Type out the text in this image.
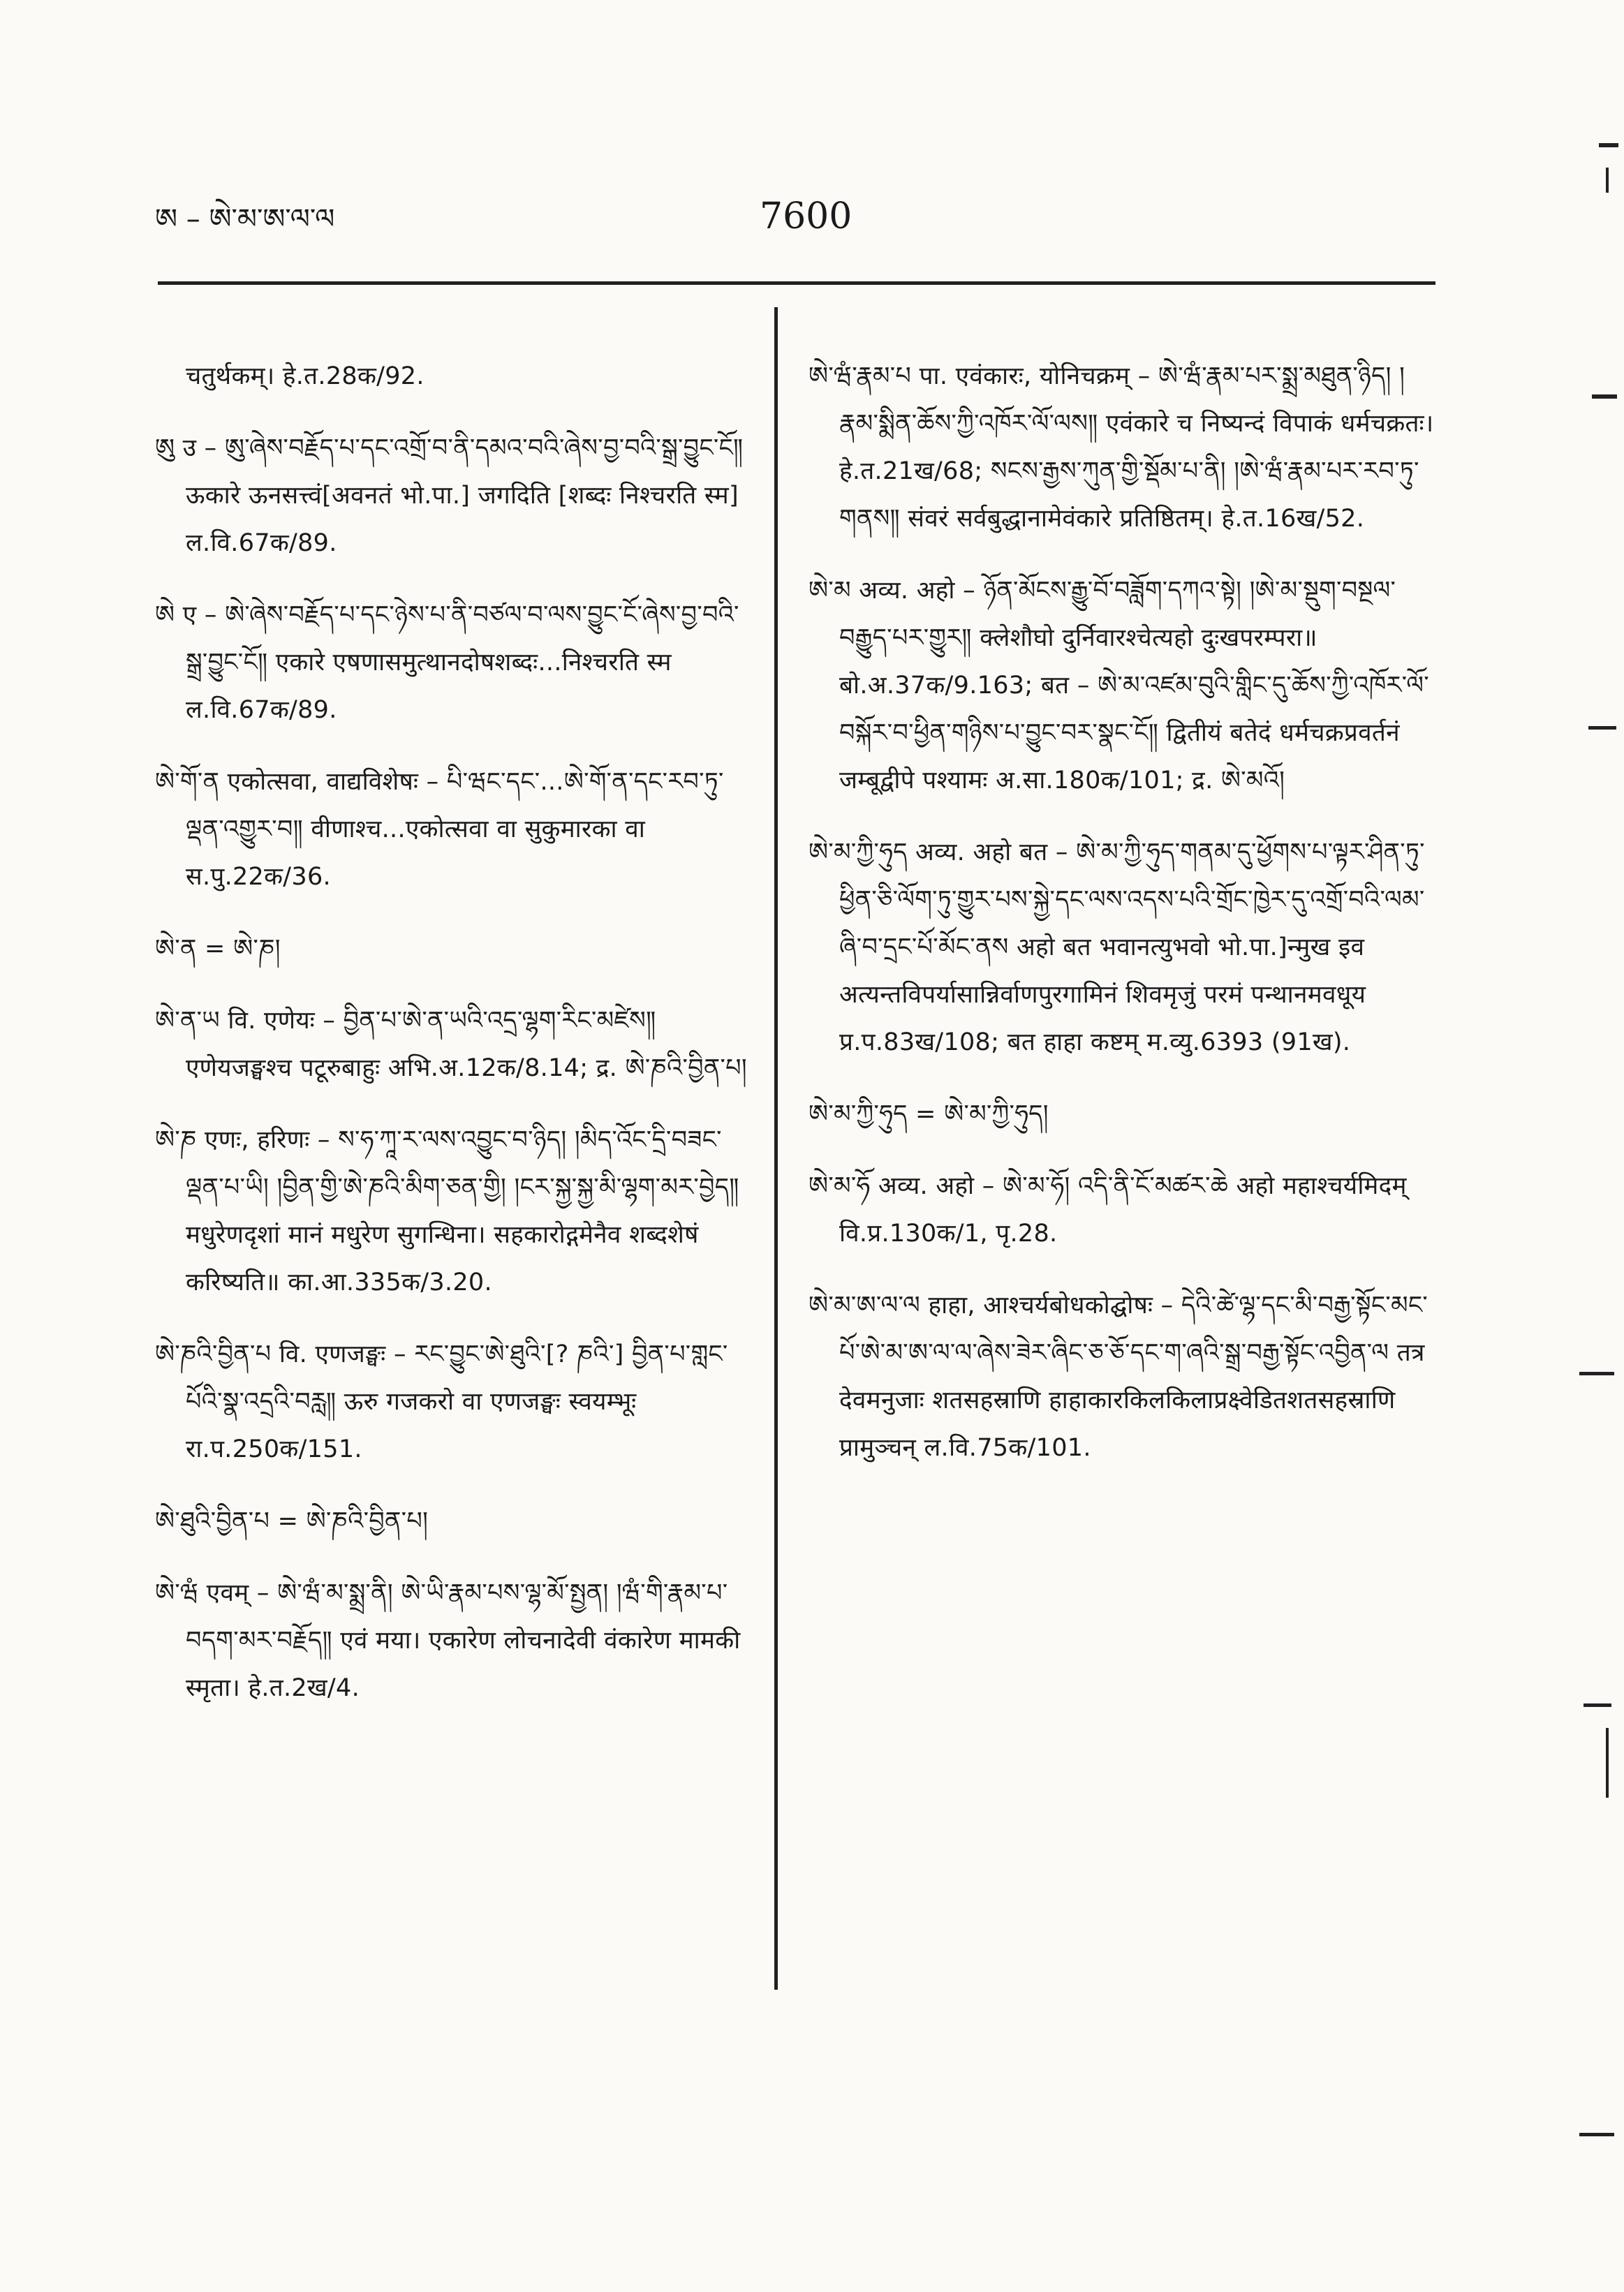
ཨ – ཨེ་མ་ཨ་ལ་ལ	7600

चतुर्थकम्। हे.त.28क/92.

ཨུ उ – ཨུ་ཞེས་བརྗོད་པ་དང་འགྲོ་བ་ནི་དམའ་བའི་ཞེས་བྱ་བའི་སྒྲ་བྱུང་ངོ༎ ऊकारे ऊनसत्त्वं[अवनतं भो.पा.] जगदिति [शब्दः निश्चरति स्म] ल.वि.67क/89.

ཨེ ए – ཨེ་ཞེས་བརྗོད་པ་དང་ཉེས་པ་ནི་བཙལ་བ་ལས་བྱུང་ངོ་ཞེས་བྱ་བའི་སྒྲ་བྱུང་ངོ༎ एकारे एषणासमुत्थानदोषशब्दः...निश्चरति स्म ल.वि.67क/89.

ཨེ་གོ་ན एकोत्सवा, वाद्यविशेषः – པི་ཝང་དང་...ཨེ་གོ་ན་དང་རབ་ཏུ་ལྡན་འགྱུར་བ༎ वीणाश्च...एकोत्सवा वा सुकुमारका वा स.पु.22क/36.

ཨེ་ན = ཨེ་ཎ།

ཨེ་ན་ཡ वि. एणेयः – བྱིན་པ་ཨེ་ན་ཡའི་འདྲ་ལྷག་རིང་མཛེས༎ एणेयजङ्घश्च पटूरुबाहुः अभि.अ.12क/8.14; द्र. ཨེ་ཎའི་བྱིན་པ།

ཨེ་ཎ एणः, हरिणः – ས་ཧ་ཀཱ་ར་ལས་འབྱུང་བ་ཉིད། །མིད་འོང་དྲི་བཟང་ལྡན་པ་ཡི། །བྱིན་གྱི་ཨེ་ཎའི་མིག་ཅན་གྱི། །ངར་སྐྱ་སྐྱ་མི་ལྷག་མར་བྱེད༎ मधुरेणदृशां मानं मधुरेण सुगन्धिना। सहकारोद्गमेनैव शब्दशेषं करिष्यति॥ का.आ.335क/3.20.

ཨེ་ཎའི་བྱིན་པ वि. एणजङ्घः – རང་བྱུང་ཨེ་ཐུའི་[? ཎའི་] བྱིན་པ་གླང་པོའི་སྣ་འདྲའི་བརླ༎ ऊरु गजकरो वा एणजङ्घः स्वयम्भूः रा.प.250क/151.

ཨེ་ཐུའི་བྱིན་པ = ཨེ་ཎའི་བྱིན་པ།

ཨེ་ཝཾ एवम् – ཨེ་ཝཾ་མ་སྨྲ་ནི། ཨེ་ཡི་རྣམ་པས་ལྷ་མོ་སྤྱན། །ཝཾ་གི་རྣམ་པ་བདག་མར་བརྗོད༎ एवं मया। एकारेण लोचनादेवी वंकारेण मामकी स्मृता। हे.त.2ख/4.

ཨེ་ཝཾ་རྣམ་པ पा. एवंकारः, योनिचक्रम् – ཨེ་ཝཾ་རྣམ་པར་སྨྲ་མཐུན་ཉིད། །རྣམ་སྨིན་ཆོས་ཀྱི་འཁོར་ལོ་ལས༎ एवंकारे च निष्यन्दं विपाकं धर्मचक्रतः। हे.त.21ख/68; སངས་རྒྱས་ཀུན་གྱི་སྡོམ་པ་ནི། །ཨེ་ཝཾ་རྣམ་པར་རབ་ཏུ་གནས༎ संवरं सर्वबुद्धानामेवंकारे प्रतिष्ठितम्। हे.त.16ख/52.

ཨེ་མ अव्य. अहो – ཉོན་མོངས་རྒྱུ་བོ་བཟློག་དཀའ་སྟེ། །ཨེ་མ་སྡུག་བསྔལ་བརྒྱུད་པར་གྱུར༎ क्लेशौघो दुर्निवारश्चेत्यहो दुःखपरम्परा॥ बो.अ.37क/9.163; बत – ཨེ་མ་འཛམ་བུའི་གླིང་དུ་ཆོས་ཀྱི་འཁོར་ལོ་བསྐོར་བ་ཕྱིན་གཉིས་པ་བྱུང་བར་སྣང་ངོ༎ द्वितीयं बतेदं धर्मचक्रप्रवर्तनं जम्बूद्वीपे पश्यामः अ.सा.180क/101; द्र. ཨེ་མའོ།

ཨེ་མ་ཀྱི་ཧུད अव्य. अहो बत – ཨེ་མ་ཀྱི་ཧུད་གནམ་དུ་ཕྱོགས་པ་ལྟར་ཤིན་ཏུ་ཕྱིན་ཅི་ལོག་ཏུ་གྱུར་པས་སྐྱེ་དང་ལས་འདས་པའི་གྲོང་ཁྱེར་དུ་འགྲོ་བའི་ལམ་ཞི་བ་དྲང་པོ་མོང་ནས अहो बत भवानत्युभवो भो.पा.]न्मुख इव अत्यन्तविपर्यासान्निर्वाणपुरगामिनं शिवमृजुं परमं पन्थानमवधूय प्र.प.83ख/108; बत हाहा कष्टम् म.व्यु.6393 (91ख).

ཨེ་མ་ཀྱི་ཧུད = ཨེ་མ་ཀྱི་ཧུད།

ཨེ་མ་ཧོ अव्य. अहो – ཨེ་མ་ཧོ། འདི་ནི་ངོ་མཚར་ཆེ अहो महाश्चर्यमिदम् वि.प्र.130क/1, पृ.28.

ཨེ་མ་ཨ་ལ་ལ हाहा, आश्चर्यबोधकोद्घोषः – དེའི་ཚེ་ལྷ་དང་མི་བརྒྱ་སྟོང་མང་པོ་ཨེ་མ་ཨ་ལ་ལ་ཞེས་ཟེར་ཞིང་ཅ་ཅོ་དང་ག་ཞའི་སྒྲ་བརྒྱ་སྟོང་འབྱིན་ལ तत्र देवमनुजाः शतसहस्राणि हाहाकारकिलकिलाप्रक्ष्वेडितशतसहस्राणि प्रामुञ्चन् ल.वि.75क/101.
